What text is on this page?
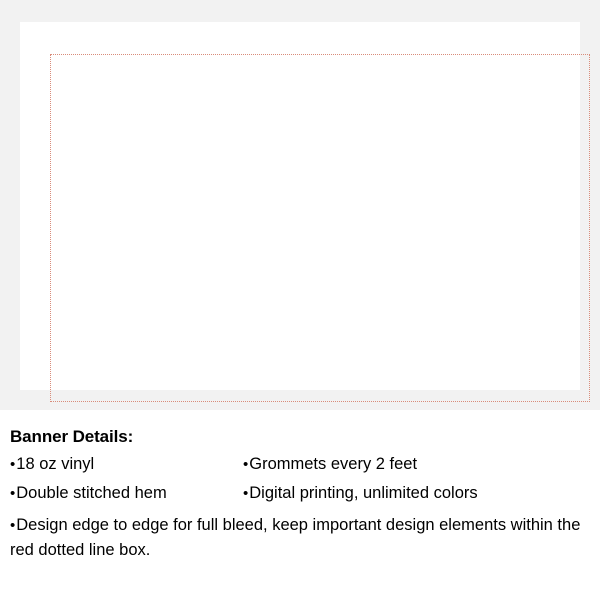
Banner Details:
•18 oz vinyl	•Grommets every 2 feet
•Double stitched hem	•Digital printing, unlimited colors
•Design edge to edge for full bleed, keep important design elements within the red dotted line box.
